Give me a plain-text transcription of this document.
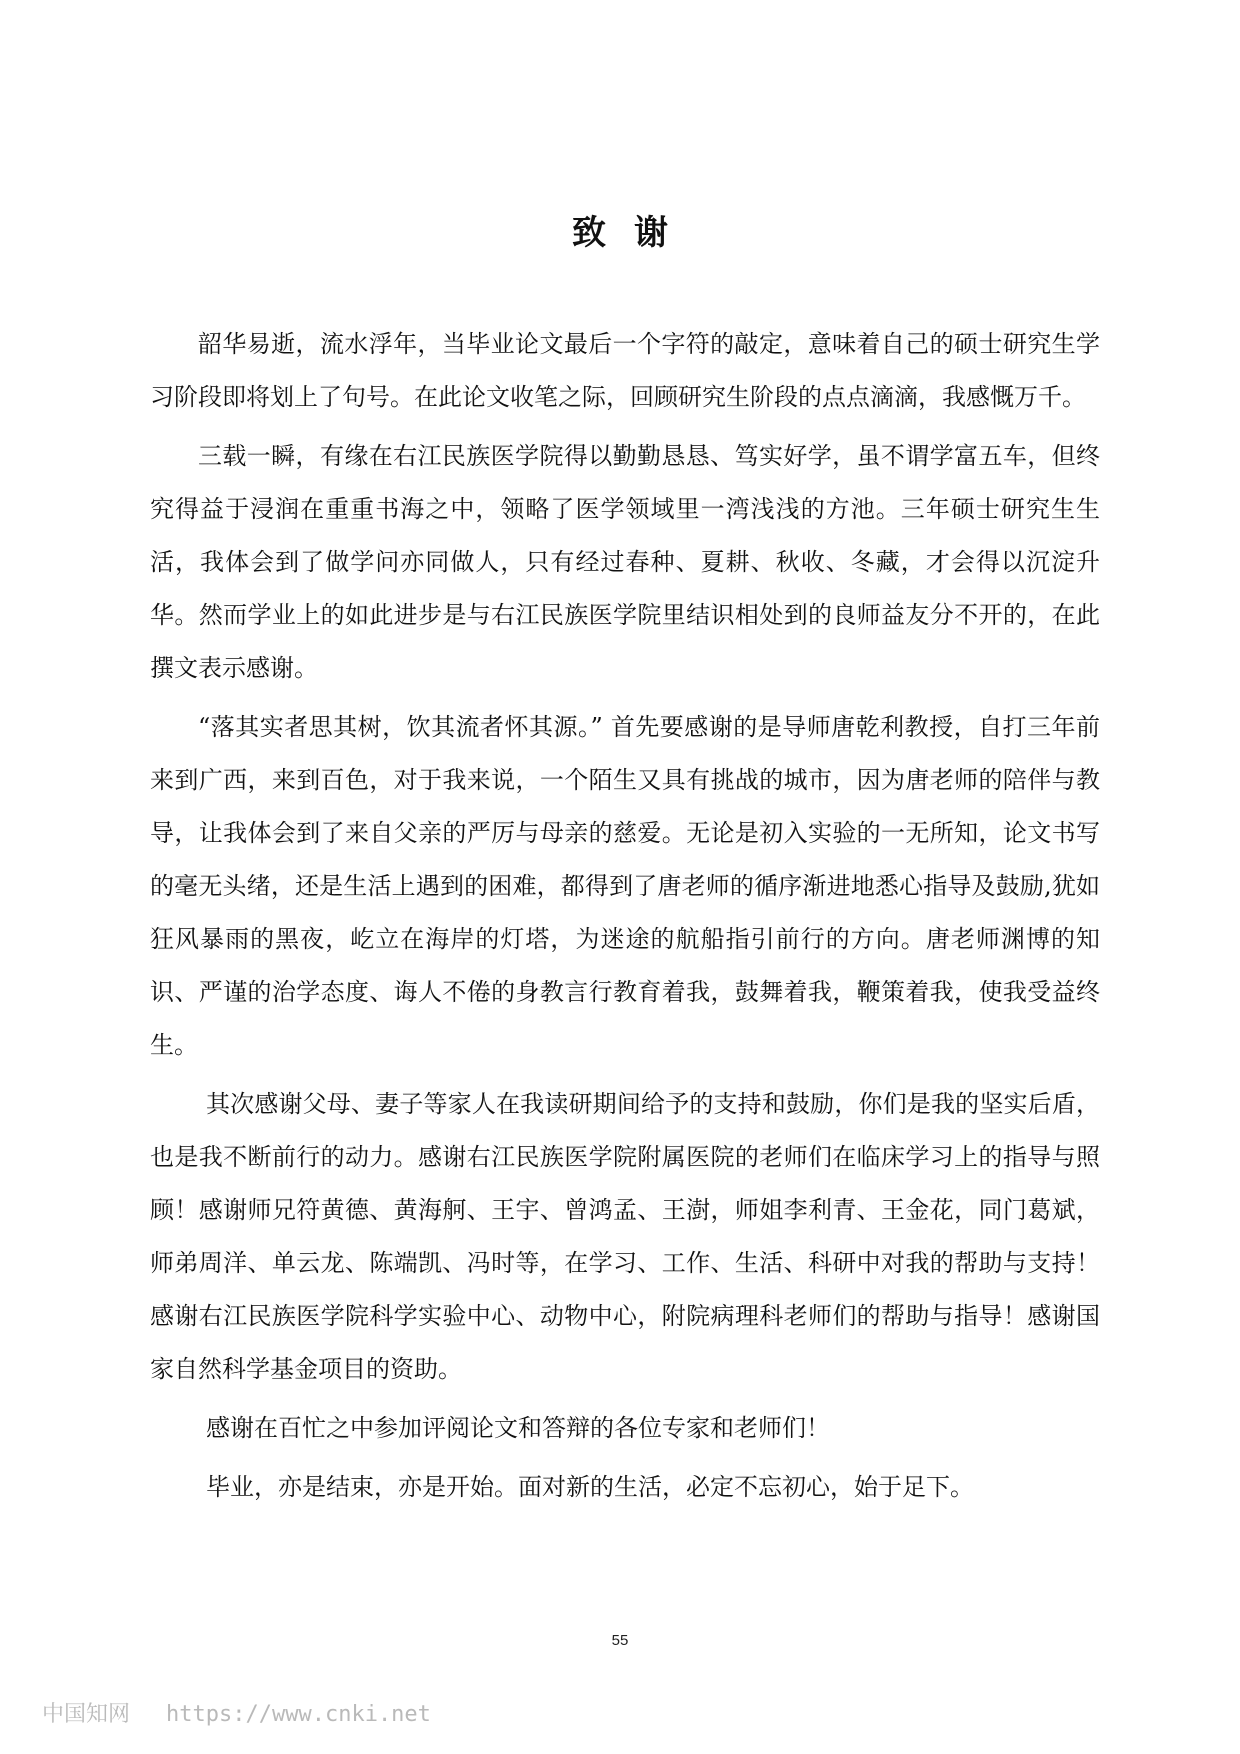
致谢

韶华易逝，流水浮年，当毕业论文最后一个字符的敲定，意味着自己的硕士研究生学习阶段即将划上了句号。在此论文收笔之际，回顾研究生阶段的点点滴滴，我感慨万千。

三载一瞬，有缘在右江民族医学院得以勤勤恳恳、笃实好学，虽不谓学富五车，但终究得益于浸润在重重书海之中，领略了医学领域里一湾浅浅的方池。三年硕士研究生生活，我体会到了做学问亦同做人，只有经过春种、夏耕、秋收、冬藏，才会得以沉淀升华。然而学业上的如此进步是与右江民族医学院里结识相处到的良师益友分不开的，在此撰文表示感谢。

“落其实者思其树，饮其流者怀其源。” 首先要感谢的是导师唐乾利教授，自打三年前来到广西，来到百色，对于我来说，一个陌生又具有挑战的城市，因为唐老师的陪伴与教导，让我体会到了来自父亲的严厉与母亲的慈爱。无论是初入实验的一无所知，论文书写的毫无头绪，还是生活上遇到的困难，都得到了唐老师的循序渐进地悉心指导及鼓励,犹如狂风暴雨的黑夜，屹立在海岸的灯塔，为迷途的航船指引前行的方向。唐老师渊博的知识、严谨的治学态度、诲人不倦的身教言行教育着我，鼓舞着我，鞭策着我，使我受益终生。

其次感谢父母、妻子等家人在我读研期间给予的支持和鼓励，你们是我的坚实后盾，也是我不断前行的动力。感谢右江民族医学院附属医院的老师们在临床学习上的指导与照顾！感谢师兄符黄德、黄海舸、王宇、曾鸿孟、王澍，师姐李利青、王金花，同门葛斌，师弟周洋、单云龙、陈端凯、冯时等，在学习、工作、生活、科研中对我的帮助与支持！感谢右江民族医学院科学实验中心、动物中心，附院病理科老师们的帮助与指导！感谢国家自然科学基金项目的资助。

感谢在百忙之中参加评阅论文和答辩的各位专家和老师们！

毕业，亦是结束，亦是开始。面对新的生活，必定不忘初心，始于足下。

55
中国知网 https://www.cnki.net
